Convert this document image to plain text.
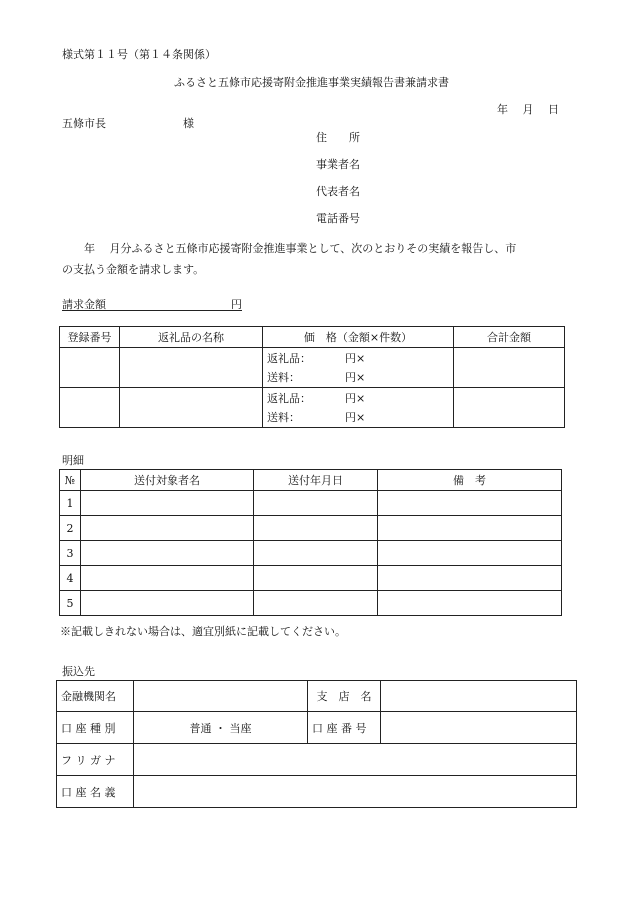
様式第１１号（第１４条関係）
ふるさと五條市応援寄附金推進事業実績報告書兼請求書
年　 月 　日
五條市長　　　　　　　様
住　　所
事業者名
代表者名
電話番号
　　年 　月分ふるさと五條市応援寄附金推進事業として、次のとおりその実績を報告し、市
の支払う金額を請求します。
請求金額	円
登録番号	返礼品の名称	価　格（金額×件数）	合計金額
		返礼品： 円×	
		送料： 円×	
		返礼品： 円×	
		送料： 円×	
明細
№	送付対象者名	送付年月日	備　考
1			
2			
3			
4			
5			
※記載しきれない場合は、適宜別紙に記載してください。
振込先
金融機関名		支　店　名	
口 座 種 別	普通 ・ 当座	口 座 番 号	
フ リ ガ ナ			
口 座 名 義			
